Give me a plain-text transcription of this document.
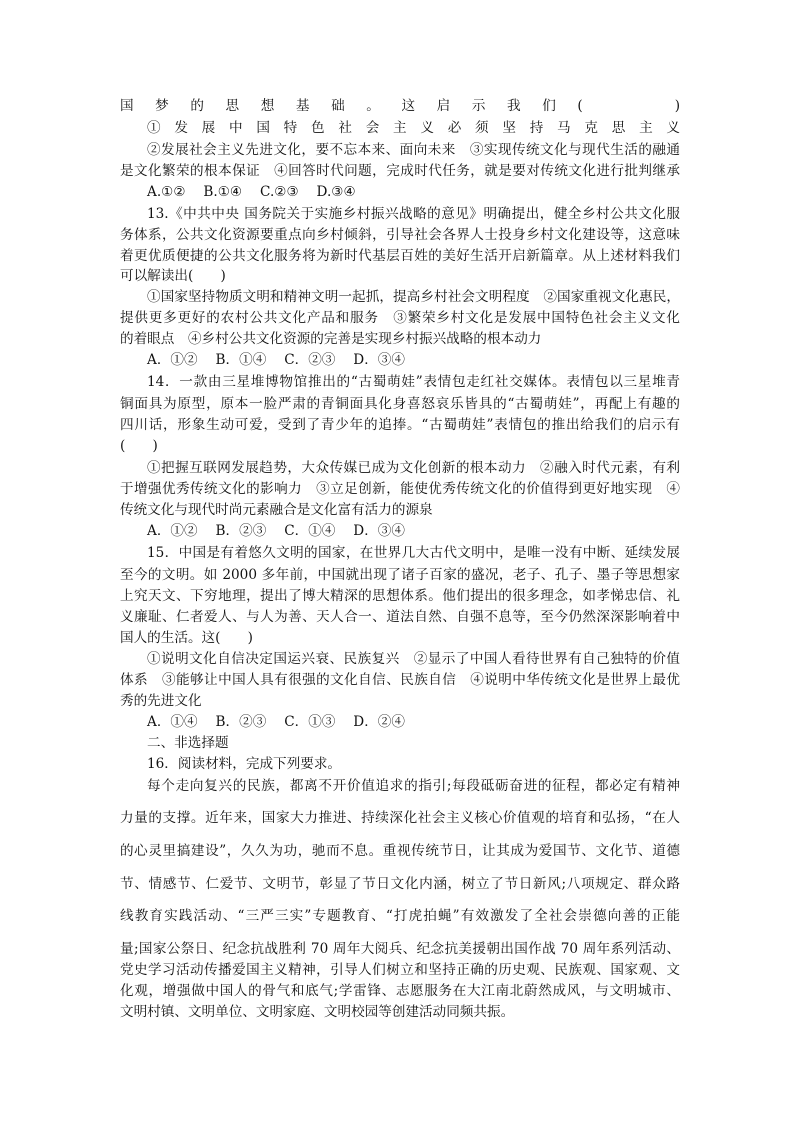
国梦的思想基础。这启示我们(　　)
①发展中国特色社会主义必须坚持马克思主义
②发展社会主义先进文化，要不忘本来、面向未来　③实现传统文化与现代生活的融通
是文化繁荣的根本保证　④回答时代问题，完成时代任务，就是要对传统文化进行批判继承
A.①②　 B.①④　 C.②③　 D.③④
13.《中共中央 国务院关于实施乡村振兴战略的意见》明确提出，健全乡村公共文化服
务体系，公共文化资源要重点向乡村倾斜，引导社会各界人士投身乡村文化建设等，这意味
着更优质便捷的公共文化服务将为新时代基层百姓的美好生活开启新篇章。从上述材料我们
可以解读出(　　)
①国家坚持物质文明和精神文明一起抓，提高乡村社会文明程度　②国家重视文化惠民，
提供更多更好的农村公共文化产品和服务　③繁荣乡村文化是发展中国特色社会主义文化
的着眼点　④乡村公共文化资源的完善是实现乡村振兴战略的根本动力
A．①②　 B．①④　 C．②③　 D．③④
14．一款由三星堆博物馆推出的“古蜀萌娃”表情包走红社交媒体。表情包以三星堆青
铜面具为原型，原本一脸严肃的青铜面具化身喜怒哀乐皆具的“古蜀萌娃”，再配上有趣的
四川话，形象生动可爱，受到了青少年的追捧。“古蜀萌娃”表情包的推出给我们的启示有
(　　)
①把握互联网发展趋势，大众传媒已成为文化创新的根本动力　②融入时代元素，有利
于增强优秀传统文化的影响力　③立足创新，能使优秀传统文化的价值得到更好地实现　④
传统文化与现代时尚元素融合是文化富有活力的源泉
A．①②　 B．②③　 C．①④　 D．③④
15．中国是有着悠久文明的国家，在世界几大古代文明中，是唯一没有中断、延续发展
至今的文明。如 2000 多年前，中国就出现了诸子百家的盛况，老子、孔子、墨子等思想家
上究天文、下穷地理，提出了博大精深的思想体系。他们提出的很多理念，如孝悌忠信、礼
义廉耻、仁者爱人、与人为善、天人合一、道法自然、自强不息等，至今仍然深深影响着中
国人的生活。这(　　)
①说明文化自信决定国运兴衰、民族复兴　②显示了中国人看待世界有自己独特的价值
体系　③能够让中国人具有很强的文化自信、民族自信　④说明中华传统文化是世界上最优
秀的先进文化
A．①④　 B．②③　 C．①③　 D．②④
二、非选择题
16．阅读材料，完成下列要求。
每个走向复兴的民族，都离不开价值追求的指引;每段砥砺奋进的征程，都必定有精神
力量的支撑。近年来，国家大力推进、持续深化社会主义核心价值观的培育和弘扬，“在人
的心灵里搞建设”，久久为功，驰而不息。重视传统节日，让其成为爱国节、文化节、道德
节、情感节、仁爱节、文明节，彰显了节日文化内涵，树立了节日新风;八项规定、群众路
线教育实践活动、“三严三实”专题教育、“打虎拍蝇”有效激发了全社会崇德向善的正能
量;国家公祭日、纪念抗战胜利 70 周年大阅兵、纪念抗美援朝出国作战 70 周年系列活动、
党史学习活动传播爱国主义精神，引导人们树立和坚持正确的历史观、民族观、国家观、文
化观，增强做中国人的骨气和底气;学雷锋、志愿服务在大江南北蔚然成风，与文明城市、
文明村镇、文明单位、文明家庭、文明校园等创建活动同频共振。
